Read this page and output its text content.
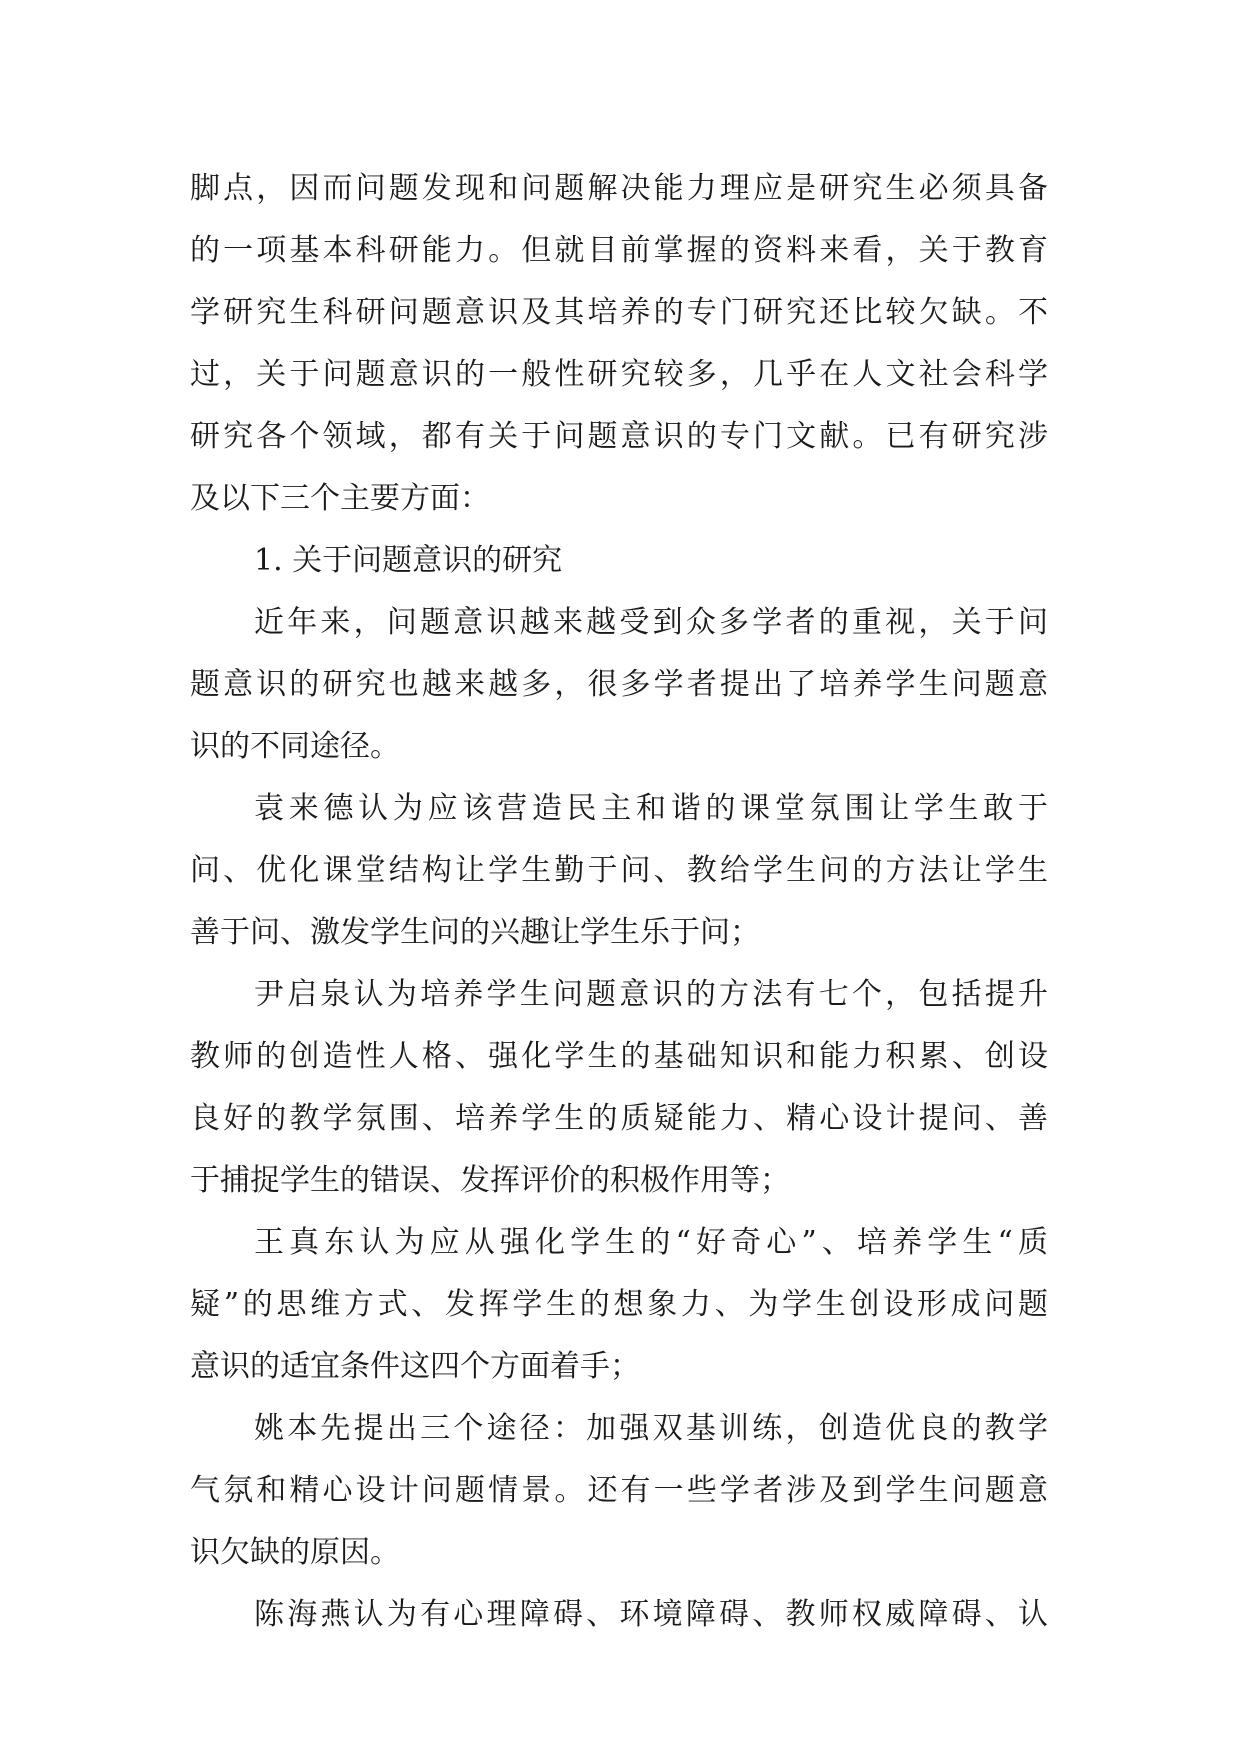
脚点，因而问题发现和问题解决能力理应是研究生必须具备
的一项基本科研能力。但就目前掌握的资料来看，关于教育
学研究生科研问题意识及其培养的专门研究还比较欠缺。不
过，关于问题意识的一般性研究较多，几乎在人文社会科学
研究各个领域，都有关于问题意识的专门文献。已有研究涉
及以下三个主要方面：
1. 关于问题意识的研究
近年来，问题意识越来越受到众多学者的重视，关于问
题意识的研究也越来越多，很多学者提出了培养学生问题意
识的不同途径。
袁来德认为应该营造民主和谐的课堂氛围让学生敢于
问、优化课堂结构让学生勤于问、教给学生问的方法让学生
善于问、激发学生问的兴趣让学生乐于问；
尹启泉认为培养学生问题意识的方法有七个，包括提升
教师的创造性人格、强化学生的基础知识和能力积累、创设
良好的教学氛围、培养学生的质疑能力、精心设计提问、善
于捕捉学生的错误、发挥评价的积极作用等；
王真东认为应从强化学生的“好奇心”、培养学生“质
疑”的思维方式、发挥学生的想象力、为学生创设形成问题
意识的适宜条件这四个方面着手；
姚本先提出三个途径：加强双基训练，创造优良的教学
气氛和精心设计问题情景。还有一些学者涉及到学生问题意
识欠缺的原因。
陈海燕认为有心理障碍、环境障碍、教师权威障碍、认
